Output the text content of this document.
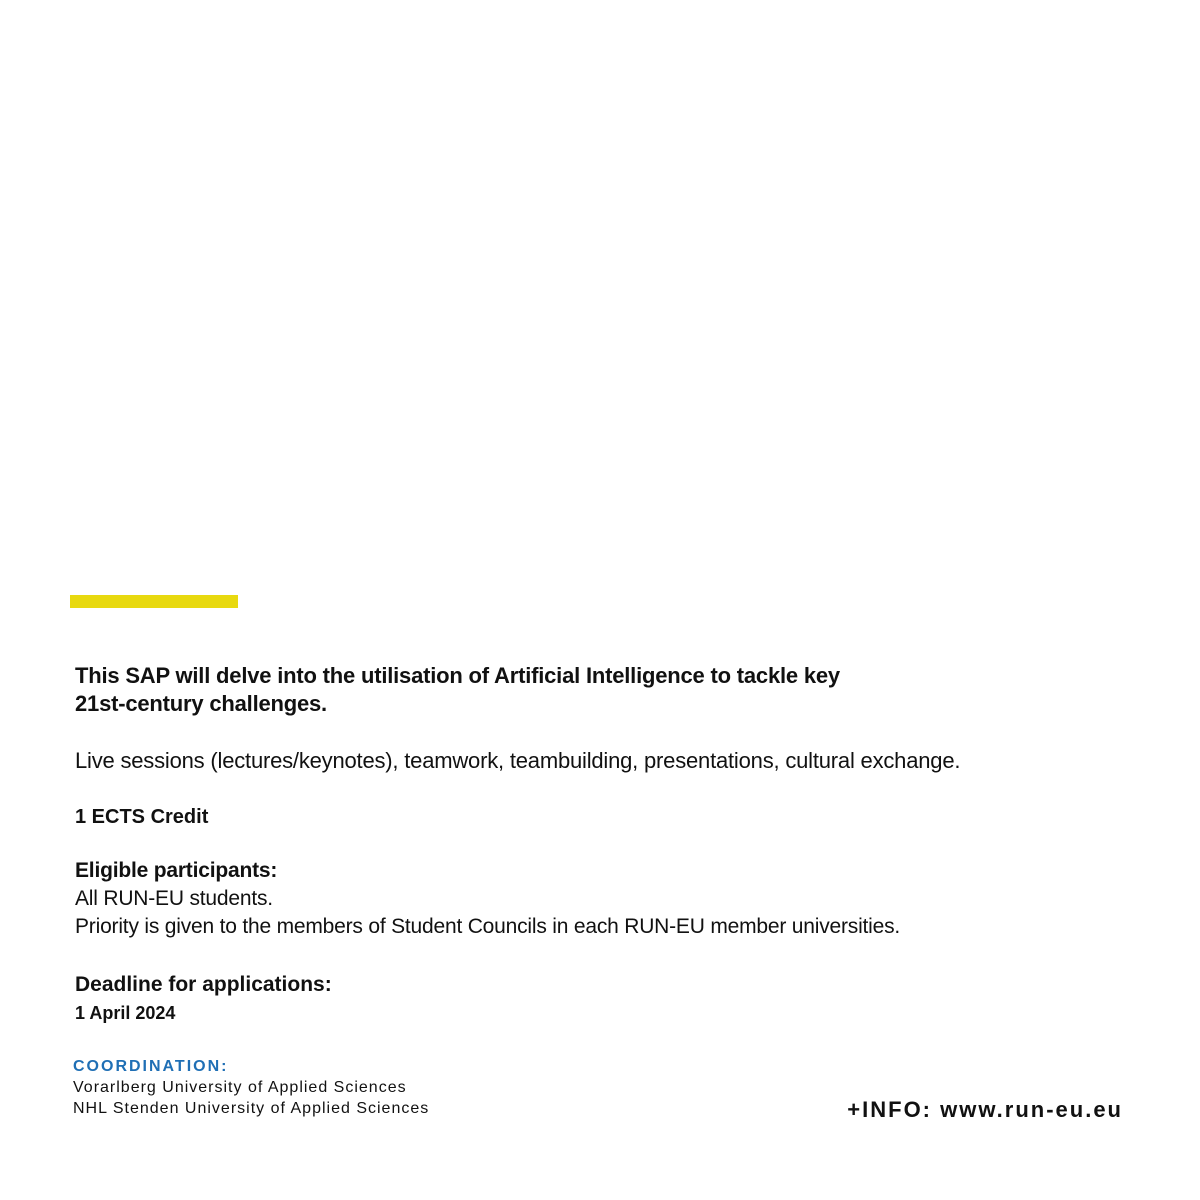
This SAP will delve into the utilisation of Artificial Intelligence to tackle key
21st-century challenges.

Live sessions (lectures/keynotes), teamwork, teambuilding, presentations, cultural exchange.

1 ECTS Credit

Eligible participants:
All RUN-EU students.
Priority is given to the members of Student Councils in each RUN-EU member universities.
Deadline for applications:
1 April 2024
COORDINATION:
Vorarlberg University of Applied Sciences
NHL Stenden University of Applied Sciences	+INFO: www.run-eu.eu
